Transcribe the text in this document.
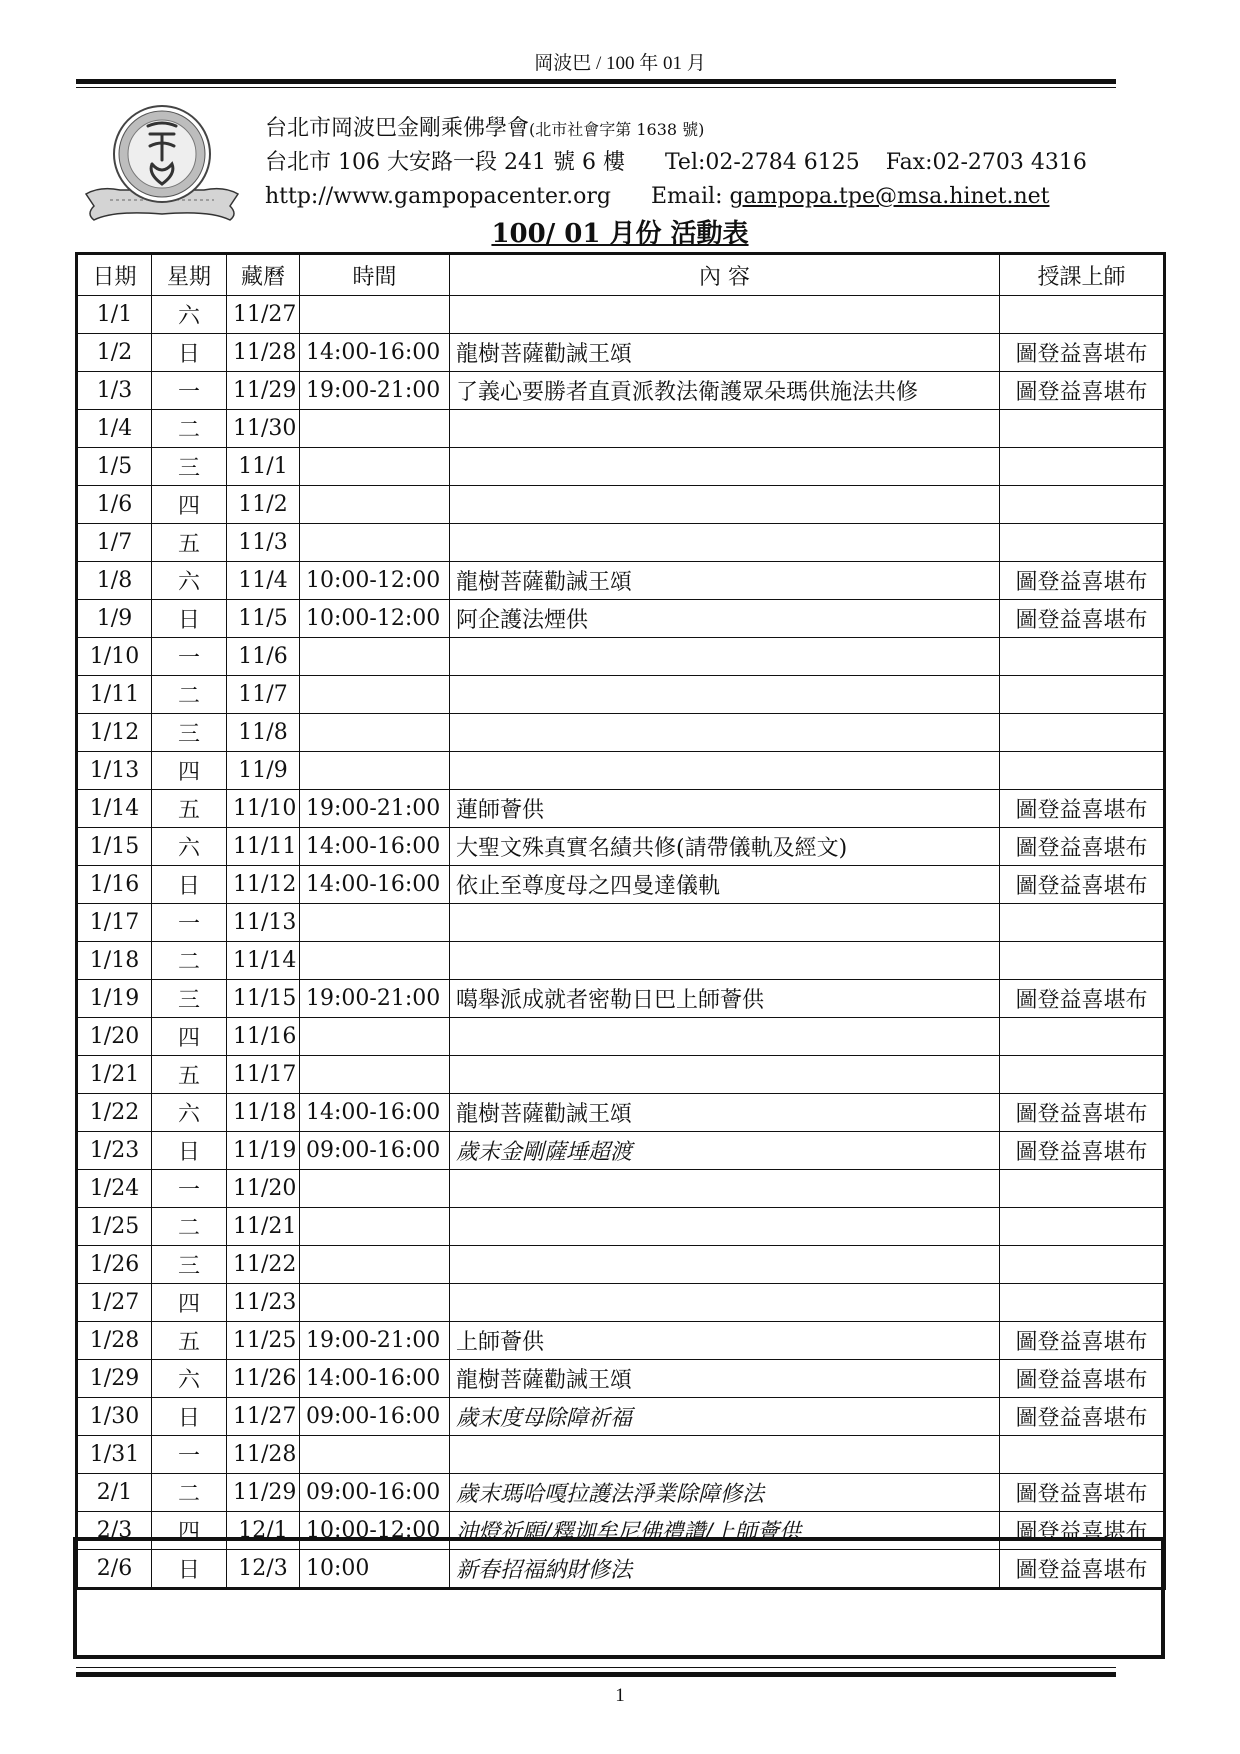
岡波巴 / 100 年 01 月
台北市岡波巴金剛乘佛學會(北市社會字第 1638 號)
台北市 106 大安路一段 241 號 6 樓 Tel:02-2784 6125 Fax:02-2703 4316
http://www.gampopacenter.org Email: gampopa.tpe@msa.hinet.net
100/ 01 月份 活動表
日期	星期	藏曆	時間	內 容	授課上師
1/1	六	11/27			
1/2	日	11/28	14:00-16:00	龍樹菩薩勸誡王頌	圖登益喜堪布
1/3	一	11/29	19:00-21:00	了義心要勝者直貢派教法衛護眾朵瑪供施法共修	圖登益喜堪布
1/4	二	11/30			
1/5	三	11/1			
1/6	四	11/2			
1/7	五	11/3			
1/8	六	11/4	10:00-12:00	龍樹菩薩勸誡王頌	圖登益喜堪布
1/9	日	11/5	10:00-12:00	阿企護法煙供	圖登益喜堪布
1/10	一	11/6			
1/11	二	11/7			
1/12	三	11/8			
1/13	四	11/9			
1/14	五	11/10	19:00-21:00	蓮師薈供	圖登益喜堪布
1/15	六	11/11	14:00-16:00	大聖文殊真實名績共修(請帶儀軌及經文)	圖登益喜堪布
1/16	日	11/12	14:00-16:00	依止至尊度母之四曼達儀軌	圖登益喜堪布
1/17	一	11/13			
1/18	二	11/14			
1/19	三	11/15	19:00-21:00	噶舉派成就者密勒日巴上師薈供	圖登益喜堪布
1/20	四	11/16			
1/21	五	11/17			
1/22	六	11/18	14:00-16:00	龍樹菩薩勸誡王頌	圖登益喜堪布
1/23	日	11/19	09:00-16:00	歲末金剛薩埵超渡	圖登益喜堪布
1/24	一	11/20			
1/25	二	11/21			
1/26	三	11/22			
1/27	四	11/23			
1/28	五	11/25	19:00-21:00	上師薈供	圖登益喜堪布
1/29	六	11/26	14:00-16:00	龍樹菩薩勸誡王頌	圖登益喜堪布
1/30	日	11/27	09:00-16:00	歲末度母除障祈福	圖登益喜堪布
1/31	一	11/28			
2/1	二	11/29	09:00-16:00	歲末瑪哈嘎拉護法淨業除障修法	圖登益喜堪布
2/3	四	12/1	10:00-12:00	油燈祈願/釋迦牟尼佛禮讚/上師薈供	圖登益喜堪布
2/6	日	12/3	10:00	新春招福納財修法	圖登益喜堪布
1
